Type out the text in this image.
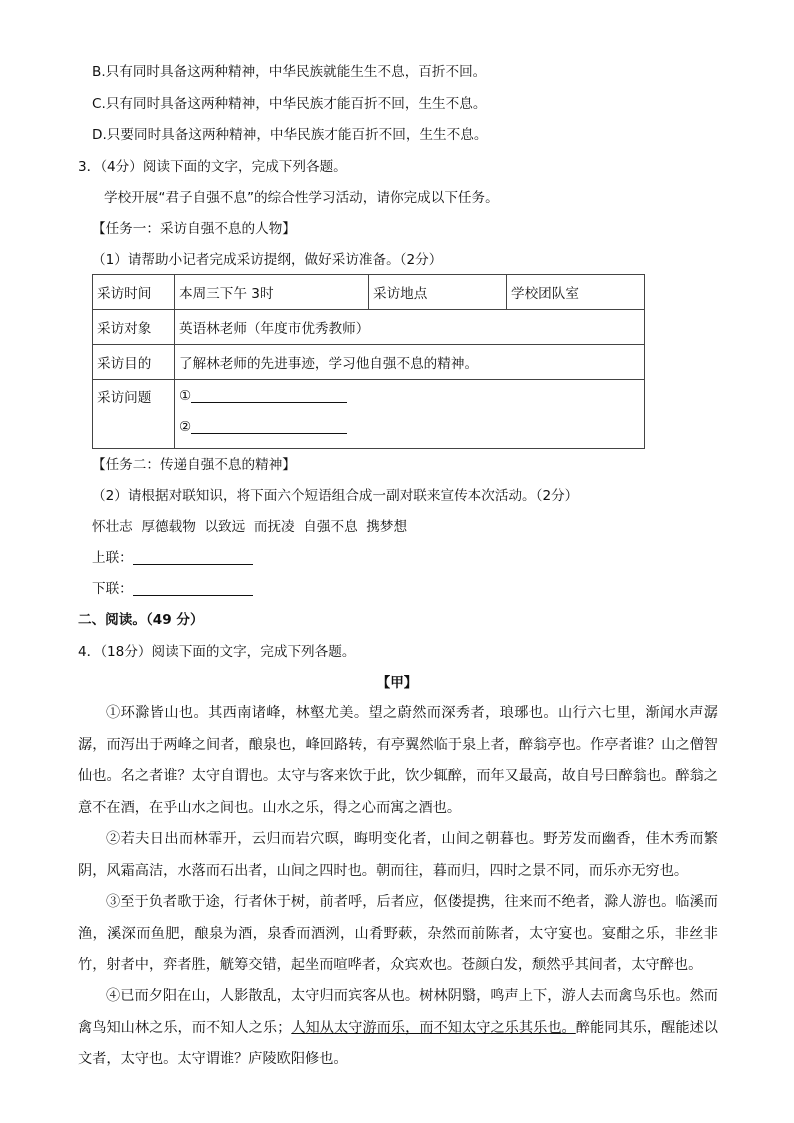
B.只有同时具备这两种精神，中华民族就能生生不息，百折不回。
C.只有同时具备这两种精神，中华民族才能百折不回，生生不息。
D.只要同时具备这两种精神，中华民族才能百折不回，生生不息。
3．（4分）阅读下面的文字，完成下列各题。
学校开展“君子自强不息”的综合性学习活动，请你完成以下任务。
【任务一：采访自强不息的人物】
（1）请帮助小记者完成采访提纲，做好采访准备。（2分）
采访时间	本周三下午 3时	采访地点	学校团队室
采访对象	英语林老师（年度市优秀教师）		
采访目的	了解林老师的先进事迹，学习他自强不息的精神。		
采访问题	①
②		
【任务二：传递自强不息的精神】
（2）请根据对联知识，将下面六个短语组合成一副对联来宣传本次活动。（2分）
怀壮志  厚德载物  以致远  而抚凌  自强不息  携梦想
上联：
下联：
二、阅读。（49 分）
4．（18分）阅读下面的文字，完成下列各题。
【甲】
①环滁皆山也。其西南诸峰，林壑尤美。望之蔚然而深秀者，琅琊也。山行六七里，渐闻水声潺潺，而泻出于两峰之间者，酿泉也，峰回路转，有亭翼然临于泉上者，醉翁亭也。作亭者谁？山之僧智仙也。名之者谁？太守自谓也。太守与客来饮于此，饮少辄醉，而年又最高，故自号曰醉翁也。醉翁之意不在酒，在乎山水之间也。山水之乐，得之心而寓之酒也。
②若夫日出而林霏开，云归而岩穴暝，晦明变化者，山间之朝暮也。野芳发而幽香，佳木秀而繁阴，风霜高洁，水落而石出者，山间之四时也。朝而往，暮而归，四时之景不同，而乐亦无穷也。
③至于负者歌于途，行者休于树，前者呼，后者应，伛偻提携，往来而不绝者，滁人游也。临溪而渔，溪深而鱼肥，酿泉为酒，泉香而酒洌，山肴野蔌，杂然而前陈者，太守宴也。宴酣之乐，非丝非竹，射者中，弈者胜，觥筹交错，起坐而喧哗者，众宾欢也。苍颜白发，颓然乎其间者，太守醉也。
④已而夕阳在山，人影散乱，太守归而宾客从也。树林阴翳，鸣声上下，游人去而禽鸟乐也。然而禽鸟知山林之乐，而不知人之乐；人知从太守游而乐，而不知太守之乐其乐也。醉能同其乐，醒能述以文者，太守也。太守谓谁？庐陵欧阳修也。
